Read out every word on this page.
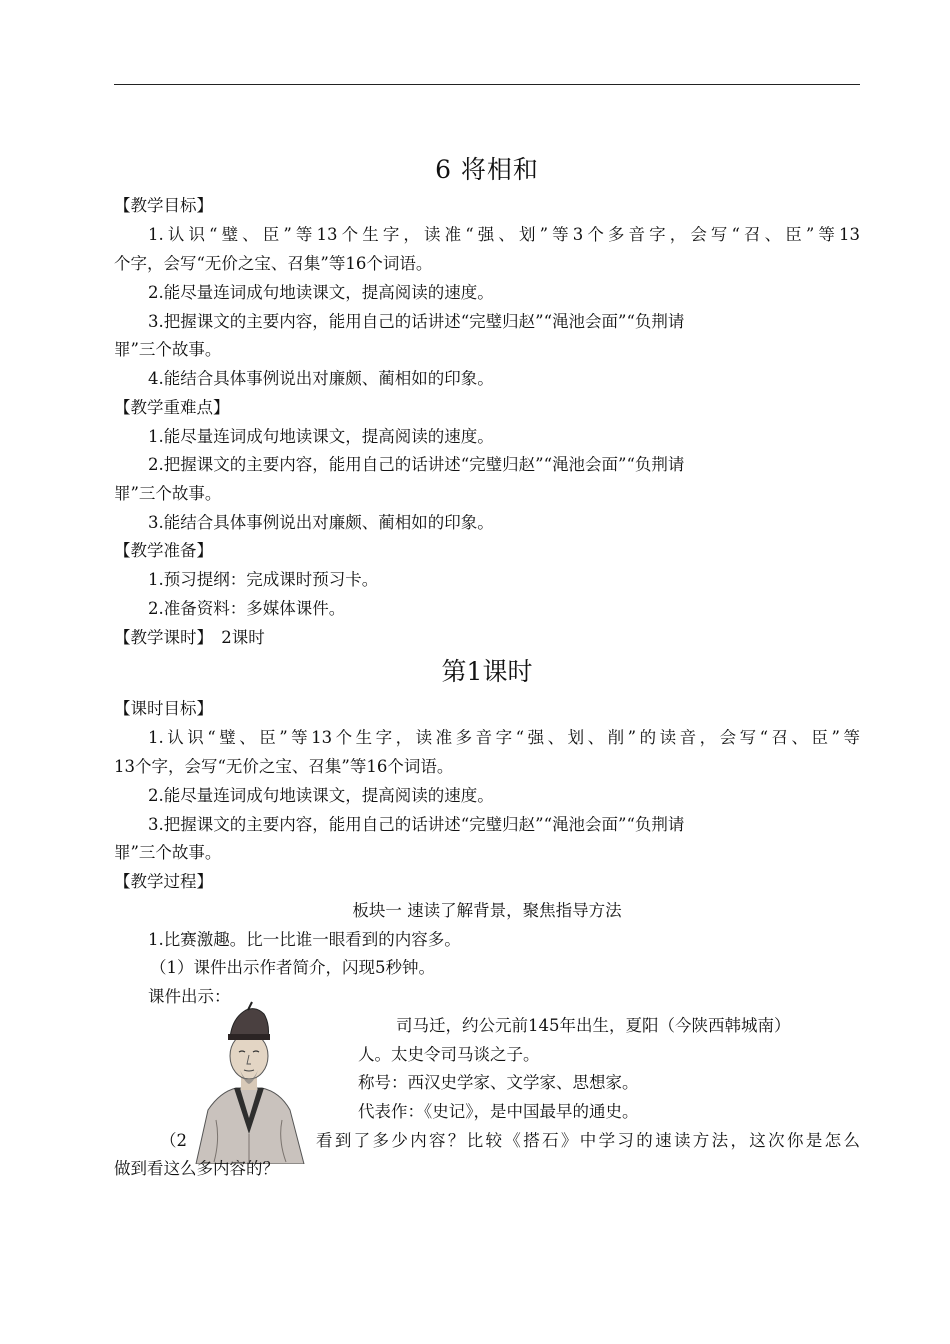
6 将相和
【教学目标】
1.认识“璧、臣”等13个生字，读准“强、划”等3个多音字，会写“召、臣”等13
个字，会写“无价之宝、召集”等16个词语。
2.能尽量连词成句地读课文，提高阅读的速度。
3.把握课文的主要内容，能用自己的话讲述“完璧归赵”“渑池会面”“负荆请
罪”三个故事。
4.能结合具体事例说出对廉颇、蔺相如的印象。
【教学重难点】
1.能尽量连词成句地读课文，提高阅读的速度。
2.把握课文的主要内容，能用自己的话讲述“完璧归赵”“渑池会面”“负荆请
罪”三个故事。
3.能结合具体事例说出对廉颇、蔺相如的印象。
【教学准备】
1.预习提纲：完成课时预习卡。
2.准备资料：多媒体课件。
【教学课时】　2课时
第1课时
【课时目标】
1.认识“璧、臣”等13个生字，读准多音字“强、划、削”的读音，会写“召、臣”等
13个字，会写“无价之宝、召集”等16个词语。
2.能尽量连词成句地读课文，提高阅读的速度。
3.把握课文的主要内容，能用自己的话讲述“完璧归赵”“渑池会面”“负荆请
罪”三个故事。
【教学过程】
板块一 速读了解背景，聚焦指导方法
1.比赛激趣。比一比谁一眼看到的内容多。
（1）课件出示作者简介，闪现5秒钟。
课件出示：
司马迁，约公元前145年出生，夏阳（今陕西韩城南）
人。太史令司马谈之子。
称号：西汉史学家、文学家、思想家。
代表作：《史记》，是中国最早的通史。
（2	看到了多少内容？比较《搭石》中学习的速读方法，这次你是怎么
做到看这么多内容的？
